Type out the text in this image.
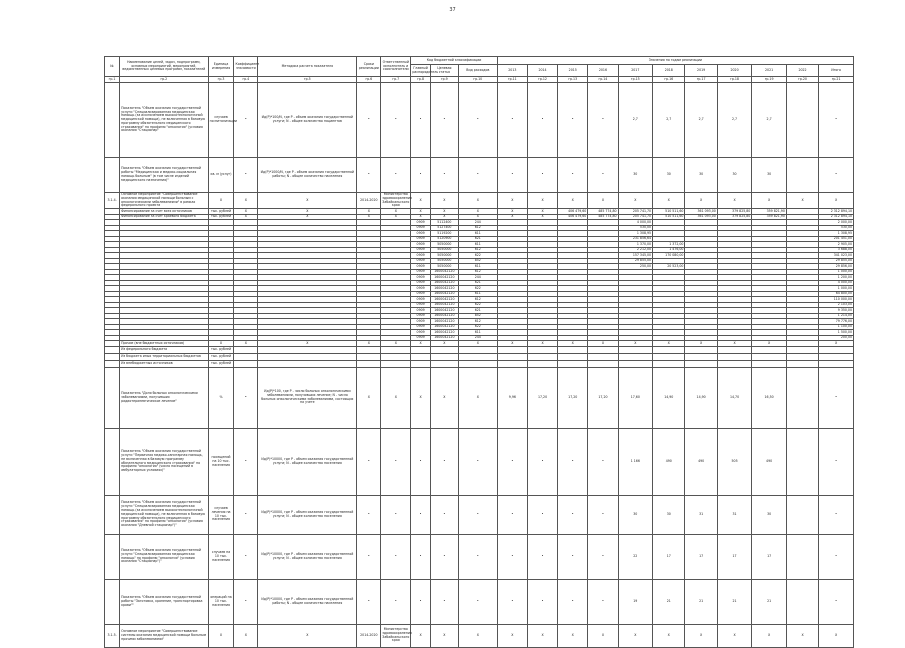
37
№	Наименование целей, задач, подпрограмм, основных мероприятий, мероприятий, ведомственных целевых программ, показателей	Единица измерения	Коэффициент значимости	Методика расчета показателя	Сроки реализации	Ответственный исполнитель и соисполнители	Код бюджетной классификации			Значения по годам реализации										
							Главный распорядитель	Целевая статья	Вид расходов	2013	2014	2015	2016	2017	2018	2019	2020	2021	2022	Итого
гр.1	гр.2	гр.3	гр.4	гр.5	гр.6	гр.7	гр.8	гр.9	гр.10	гр.11	гр.12	гр.13	гр.14	гр.15	гр.16	гр.17	гр.18	гр.19	гр.20	гр.21
	Показатель "Объем оказания государственной услуги "Специализированная медицинская помощь (за исключением высокотехнологичной медицинской помощи), не включенная в базовую программу обязательного медицинского страхования" по профилю "онкология" (условия оказания "Стационар"	случаев госпитализации	•	Ид(Р)*100/N, где P - объем оказания государственной услуги; N - общее количество пациентов	•	•	•	•	•	•	•	•	•	2,7	2,7	2,7	2,7	2,7		•
	Показатель "Объем оказания государственной работы "Медицинская и медико-социальная помощь больным" (в том числе изделий медицинского назначения)"	кв. м (услуг)	•	Ид(Р)*1000/N, где P - объем оказания государственной работы; N - общее количество населения	•	•	•	•	•	•	•	•	•	30	30	30	30	30		•
3.1.4.	Основное мероприятие "Совершенствование оказания медицинской помощи больным с онкологическими заболеваниями" в рамках федерального проекта	X	X	X	2014-2020	Министерство здравоохранения Забайкальского края	X	X	X	X	X	X	X	X	X	X	X	X	X	X
	Финансирование за счет всех источников	тыс. рублей	X	X	X	X	X	X	X	X	X	406 479,60	485 774,80	205 741,70	510 511,60	361 093,00	379 825,80	359 821,90		2 312 894,10
	Финансирование за счет краевого бюджета	тыс. рублей	X	X	X	X	X	X	X	X	X	406 479,60	485 774,80	205 741,70	510 511,60	361 093,00	379 825,80	359 821,90		2 312 894,10
							0909	5112400	244					4 000,00						2 000,00
							0909	5127400	612					530,00						530,00
							0909	5119200	611					1 308,95						1 308,95
							0909	5120900	621					231 856,64						201 451,00
							0909	5050000	611					1 370,00	1 372,00					2 905,00
							0909	5050000	612					2 212,00	1 476,00					3 688,00
							0909	5050000	622					157 345,00	170 080,00					341 023,00
							0909	5050000	852					29 855,00						29 855,00
							0909	5050000	611					250,00	20 523,00					29 856,00
							0909	1600042120	612											1 000,00
							0909	1600042120	244											1 200,00
							0909	1600042120	621											4 000,00
							0909	1600042120	622											1 000,00
							0909	1600042120	611											64 800,00
							0909	1600042120	612											110 000,00
							0909	1600042120	622											2 103,00
							0909	1600042120	621											9 350,00
							0909	1600042120	852											1 214,00
							0909	1600042120	612											79 776,00
							0909	1600042120	622											1 100,00
							0909	1600042120	611											1 500,00
							0909	1600042120	244											200,00
	Прочие (вне бюджетных источников)	X	X	X	X	X	X	X	X	X	X	X	X	X	X	X	X	X		X
	Из федерального бюджета	тыс. рублей																		
	Из бюджета иных территориальных бюджетов	тыс. рублей																		
	Из внебюджетных источников	тыс. рублей																		
	Показатель "Доля больных онкологическими заболеваниями, получивших радиотерапевтическое лечение"	%	•	Ид(Р)*100, где P - число больных онкологическими заболеваниями, получивших лечение; N - число больных онкологическими заболеваниями, состоящих на учете	X	X	X	X	X	9,96	17,20	17,20	17,20	17,60	14,90	14,90	14,70	16,50		•
	Показатель "Объем оказания государственной услуги "Первичная медико-санитарная помощь, не включенная в базовую программу обязательного медицинского страхования" по профилю "онкология" (число посещений в амбулаторных условиях)"	посещений на 10 тыс. населения	•	Ид(Р)*10000, где P - объем оказания государственной услуги; N - общее количество населения	•	•	•	•	•	•	•	•	•	1 166	490	490	505	490		•
	Показатель "Объем оказания государственной услуги "Специализированная медицинская помощь (за исключением высокотехнологичной медицинской помощи), не включенная в базовую программу обязательного медицинского страхования" по профилю "онкология" (условия оказания "Дневной стационар")"	случаев лечения на 10 тыс. населения	•	Ид(Р)*10000, где P - объем оказания государственной услуги; N - общее количество населения	•	•	•	•	•	•	•	•	•	30	30	31	31	30		•
	Показатель "Объем оказания государственной услуги "Специализированная медицинская помощь" по профилю "онкология" (условия оказания "Стационар")"	случаев на 10 тыс. населения	•	Ид(Р)*10000, где P - объем оказания государственной услуги; N - общее количество населения	•	•	•	•	•	•	•	•	•	22	17	17	17	17		•
	Показатель "Объем оказания государственной работы "Заготовка, хранение, транспортировка крови""	операций на 10 тыс. населения	•	Ид(Р)*10000, где P - объем оказания государственной работы; N - общее количество населения	•	•	•	•	•	•	•	•	•	19	21	21	21	21		•
3.1.5.	Основное мероприятие "Совершенствование системы оказания медицинской помощи больным прочими заболеваниями"	X	X	X	2014-2020	Министерство здравоохранения Забайкальского края	X	X	X	X	X	X	X	X	X	X	X	X	X	X
